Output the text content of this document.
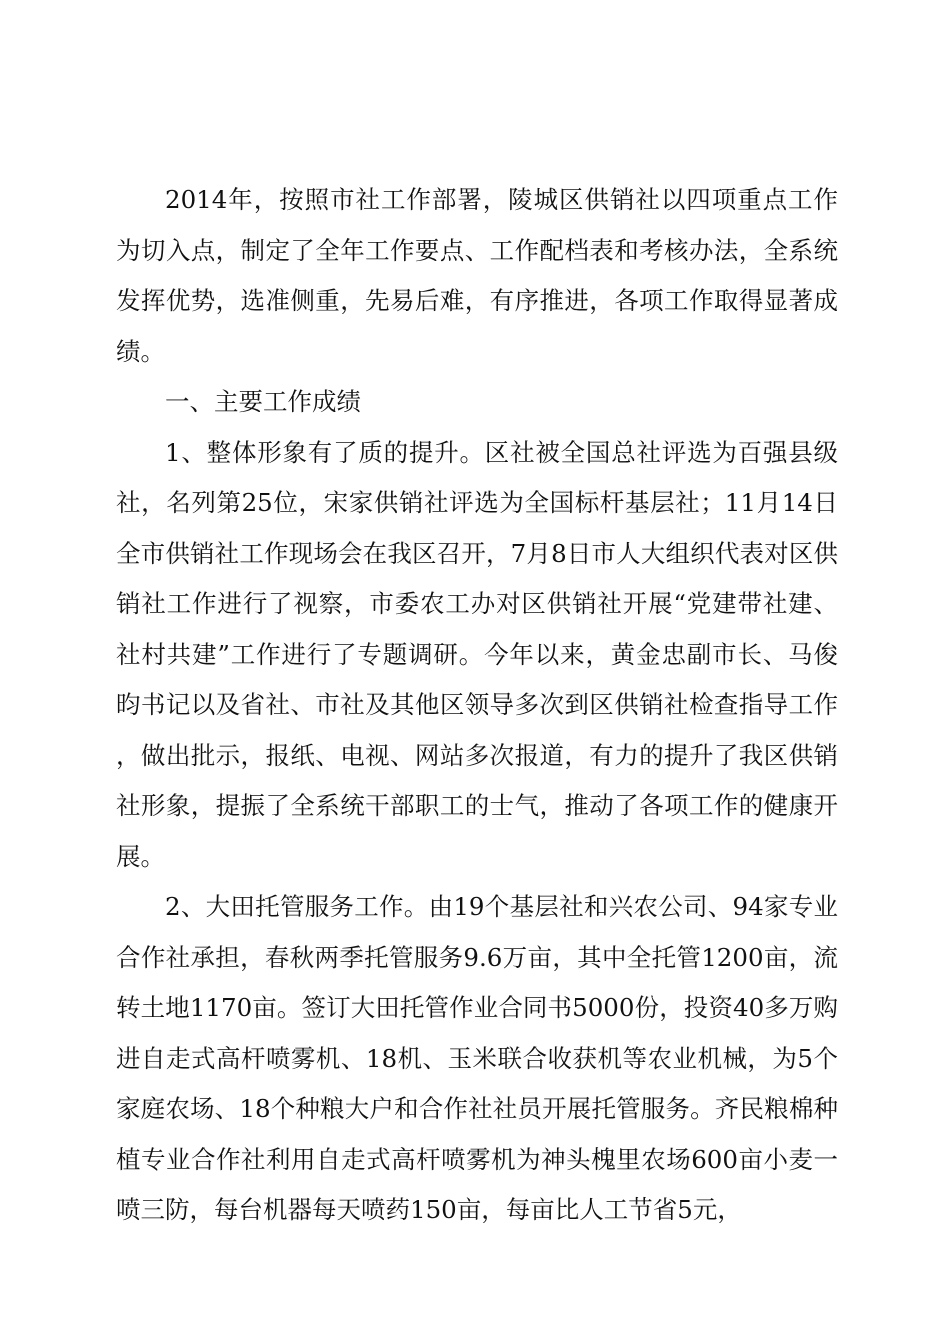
2014年，按照市社工作部署，陵城区供销社以四项重点工作为切入点，制定了全年工作要点、工作配档表和考核办法，全系统发挥优势，选准侧重，先易后难，有序推进，各项工作取得显著成绩。

一、主要工作成绩

1、整体形象有了质的提升。区社被全国总社评选为百强县级社，名列第25位，宋家供销社评选为全国标杆基层社；11月14日全市供销社工作现场会在我区召开，7月8日市人大组织代表对区供销社工作进行了视察，市委农工办对区供销社开展“党建带社建、社村共建”工作进行了专题调研。今年以来，黄金忠副市长、马俊昀书记以及省社、市社及其他区领导多次到区供销社检查指导工作，做出批示，报纸、电视、网站多次报道，有力的提升了我区供销社形象，提振了全系统干部职工的士气，推动了各项工作的健康开展。

2、大田托管服务工作。由19个基层社和兴农公司、94家专业合作社承担，春秋两季托管服务9.6万亩，其中全托管1200亩，流转土地1170亩。签订大田托管作业合同书5000份，投资40多万购进自走式高杆喷雾机、18机、玉米联合收获机等农业机械，为5个家庭农场、18个种粮大户和合作社社员开展托管服务。齐民粮棉种植专业合作社利用自走式高杆喷雾机为神头槐里农场600亩小麦一喷三防，每台机器每天喷药150亩，每亩比人工节省5元，
